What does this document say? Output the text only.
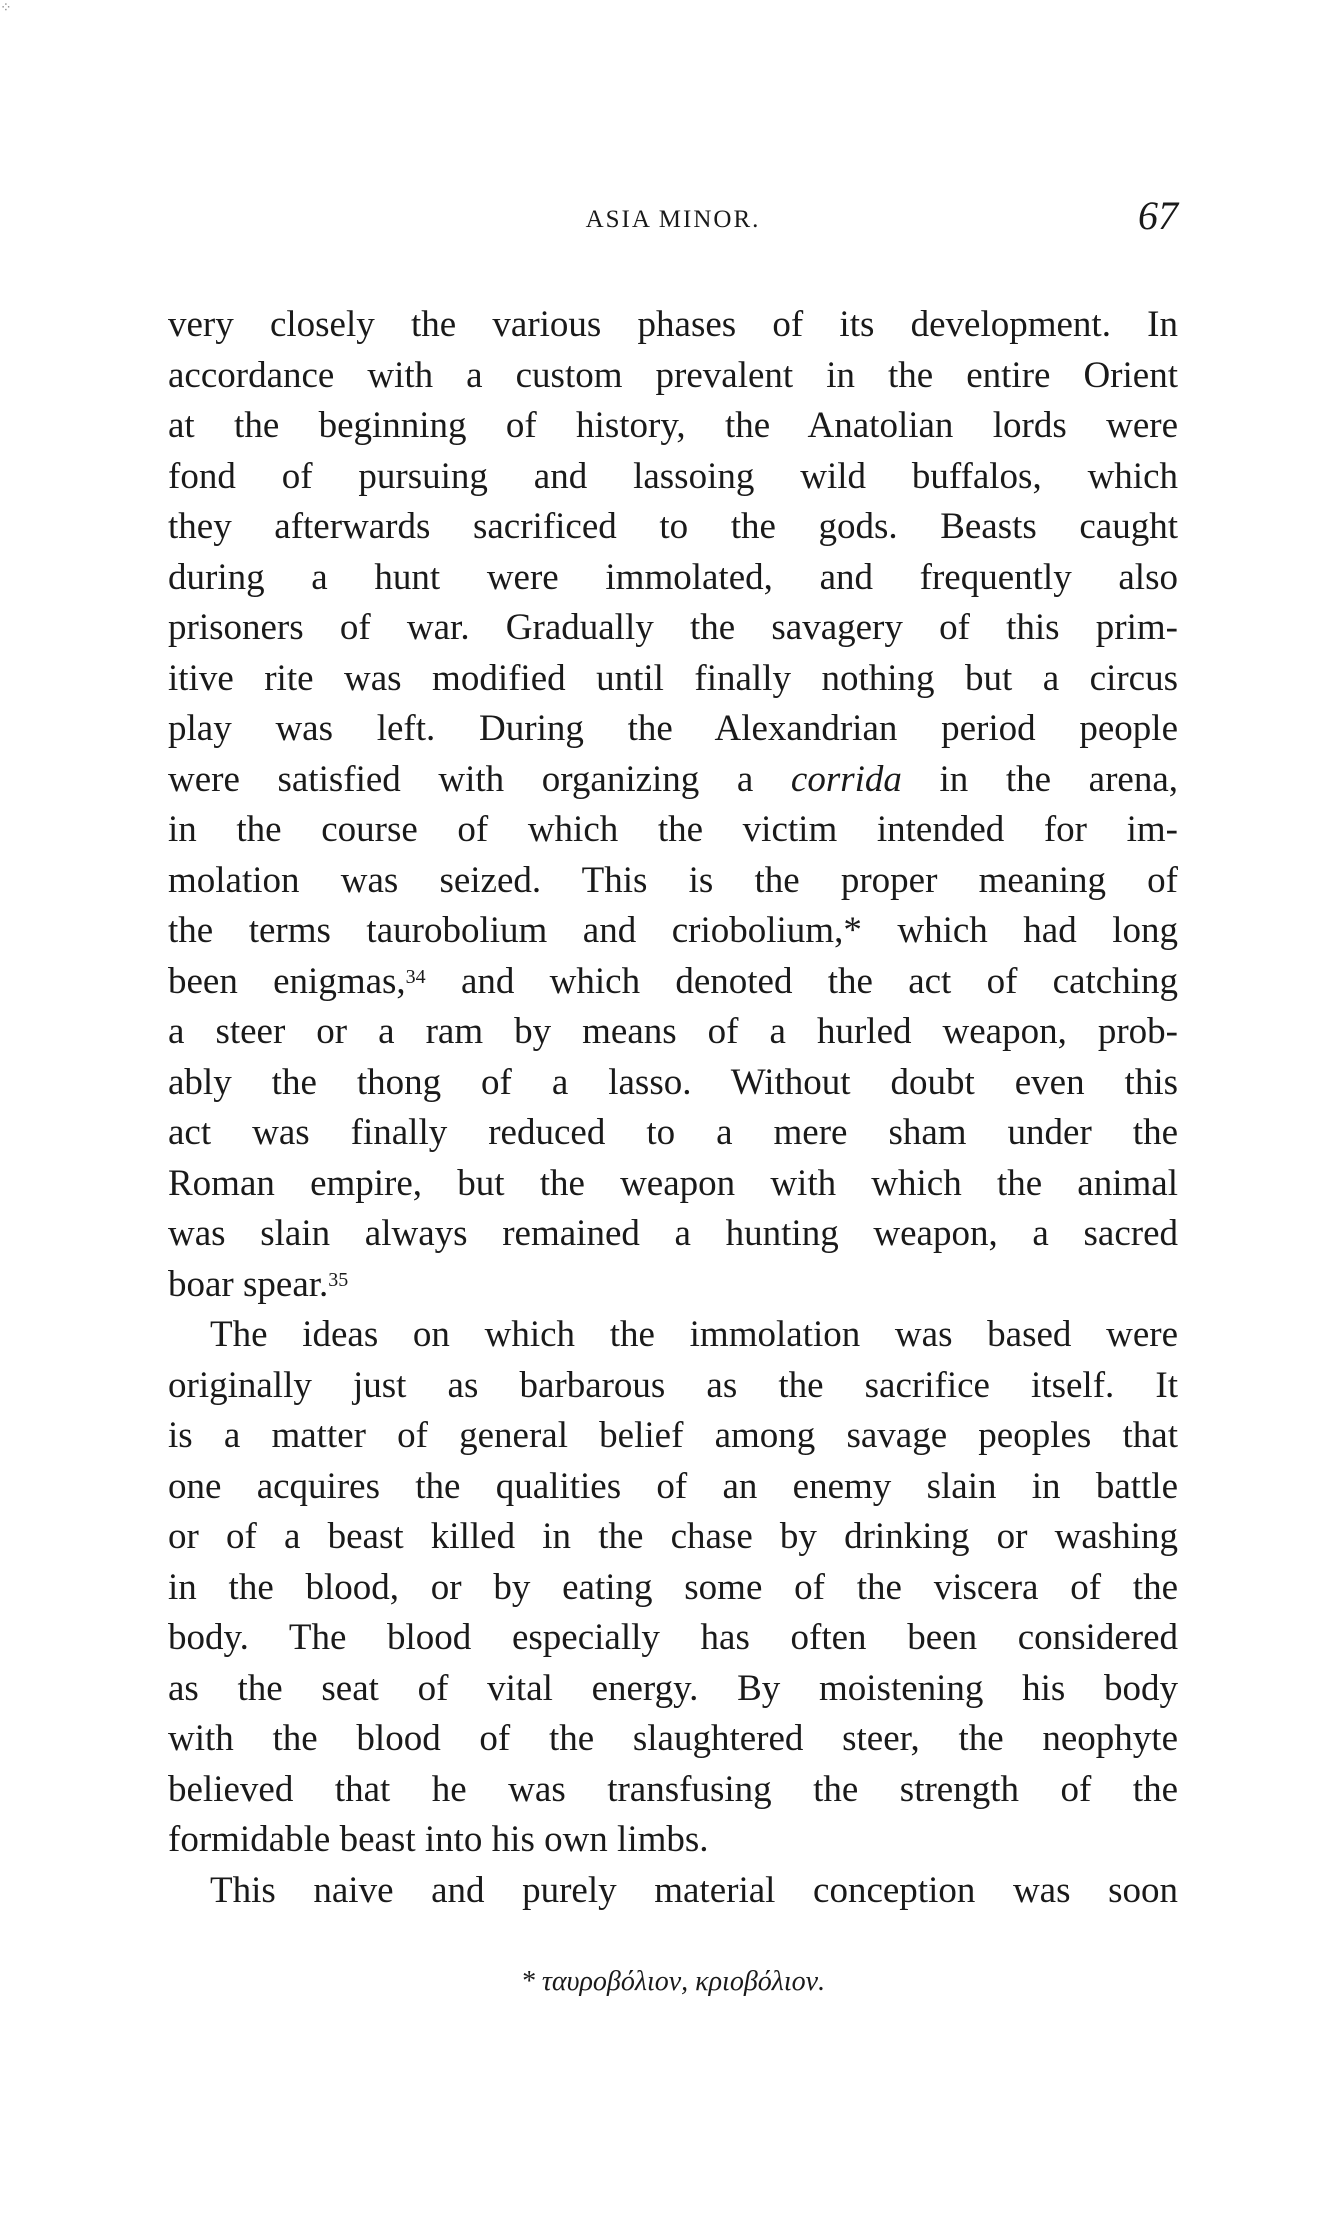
⁘
ASIA MINOR.	67
very closely the various phases of its development. In
accordance with a custom prevalent in the entire Orient
at the beginning of history, the Anatolian lords were
fond of pursuing and lassoing wild buffalos, which
they afterwards sacrificed to the gods. Beasts caught
during a hunt were immolated, and frequently also
prisoners of war. Gradually the savagery of this prim-
itive rite was modified until finally nothing but a circus
play was left. During the Alexandrian period people
were satisfied with organizing a corrida in the arena,
in the course of which the victim intended for im-
molation was seized. This is the proper meaning of
the terms taurobolium and criobolium,* which had long
been enigmas,$^{34}$ and which denoted the act of catching
a steer or a ram by means of a hurled weapon, prob-
ably the thong of a lasso. Without doubt even this
act was finally reduced to a mere sham under the
Roman empire, but the weapon with which the animal
was slain always remained a hunting weapon, a sacred
boar spear.$^{35}$
The ideas on which the immolation was based were
originally just as barbarous as the sacrifice itself. It
is a matter of general belief among savage peoples that
one acquires the qualities of an enemy slain in battle
or of a beast killed in the chase by drinking or washing
in the blood, or by eating some of the viscera of the
body. The blood especially has often been considered
as the seat of vital energy. By moistening his body
with the blood of the slaughtered steer, the neophyte
believed that he was transfusing the strength of the
formidable beast into his own limbs.
This naive and purely material conception was soon
* ταυροβόλιον, κριοβόλιον.
